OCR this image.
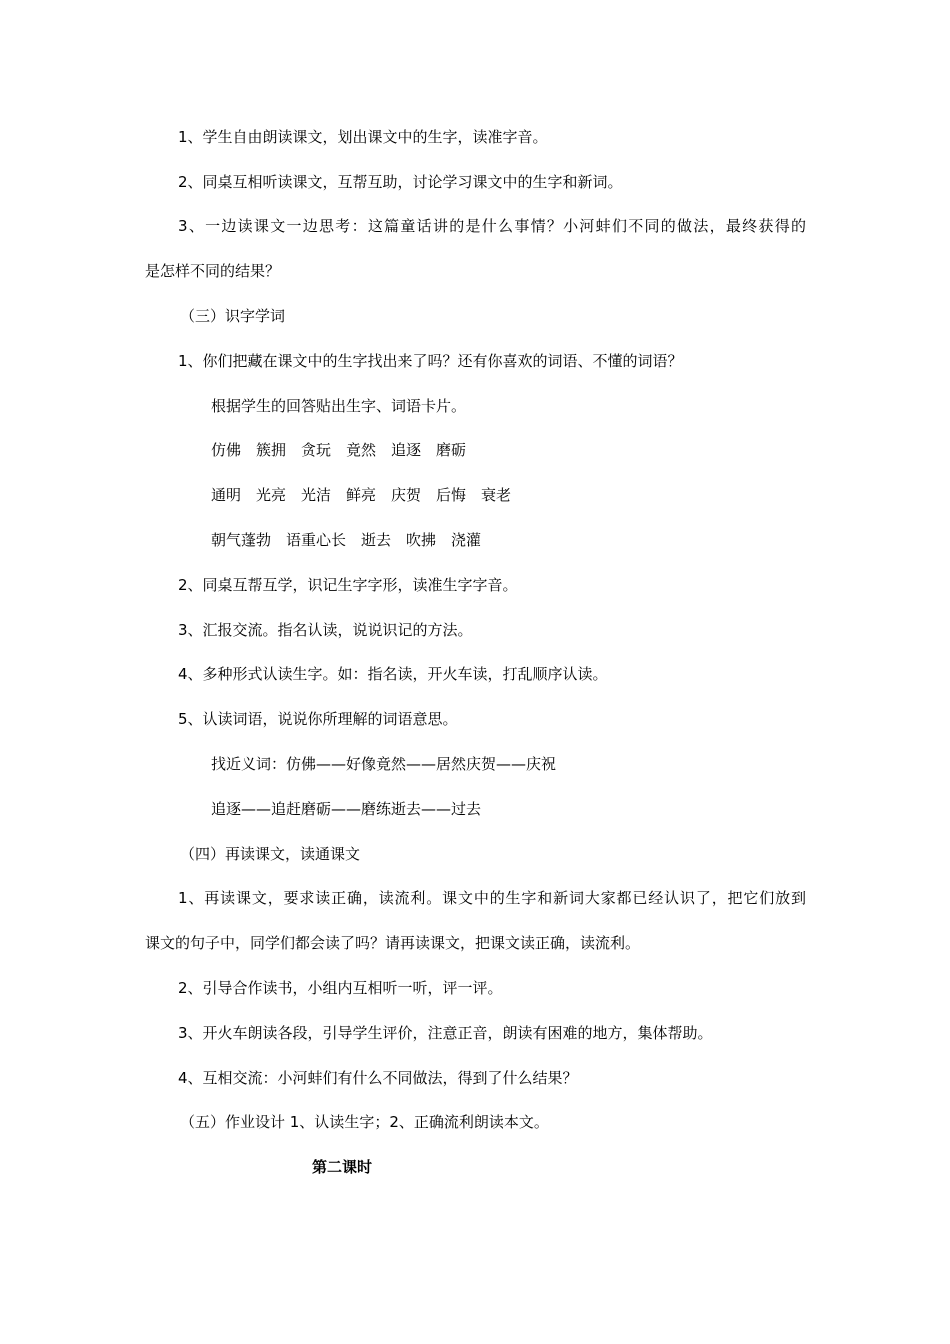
1、学生自由朗读课文，划出课文中的生字，读准字音。
2、同桌互相听读课文，互帮互助，讨论学习课文中的生字和新词。
3、一边读课文一边思考：这篇童话讲的是什么事情？小河蚌们不同的做法，最终获得的
是怎样不同的结果？
（三）识字学词
1、你们把藏在课文中的生字找出来了吗？还有你喜欢的词语、不懂的词语？
根据学生的回答贴出生字、词语卡片。
仿佛　簇拥　贪玩　竟然　追逐　磨砺
通明　光亮　光洁　鲜亮　庆贺　后悔　衰老
朝气蓬勃　语重心长　逝去　吹拂　浇灌
2、同桌互帮互学，识记生字字形，读准生字字音。
3、汇报交流。指名认读，说说识记的方法。
4、多种形式认读生字。如：指名读，开火车读，打乱顺序认读。
5、认读词语，说说你所理解的词语意思。
找近义词：仿佛——好像竟然——居然庆贺——庆祝
追逐——追赶磨砺——磨练逝去——过去
（四）再读课文，读通课文
1、再读课文，要求读正确，读流利。课文中的生字和新词大家都已经认识了，把它们放到
课文的句子中，同学们都会读了吗？请再读课文，把课文读正确，读流利。
2、引导合作读书，小组内互相听一听，评一评。
3、开火车朗读各段，引导学生评价，注意正音，朗读有困难的地方，集体帮助。
4、互相交流：小河蚌们有什么不同做法，得到了什么结果？
（五）作业设计 1、认读生字；2、正确流利朗读本文。
第二课时
